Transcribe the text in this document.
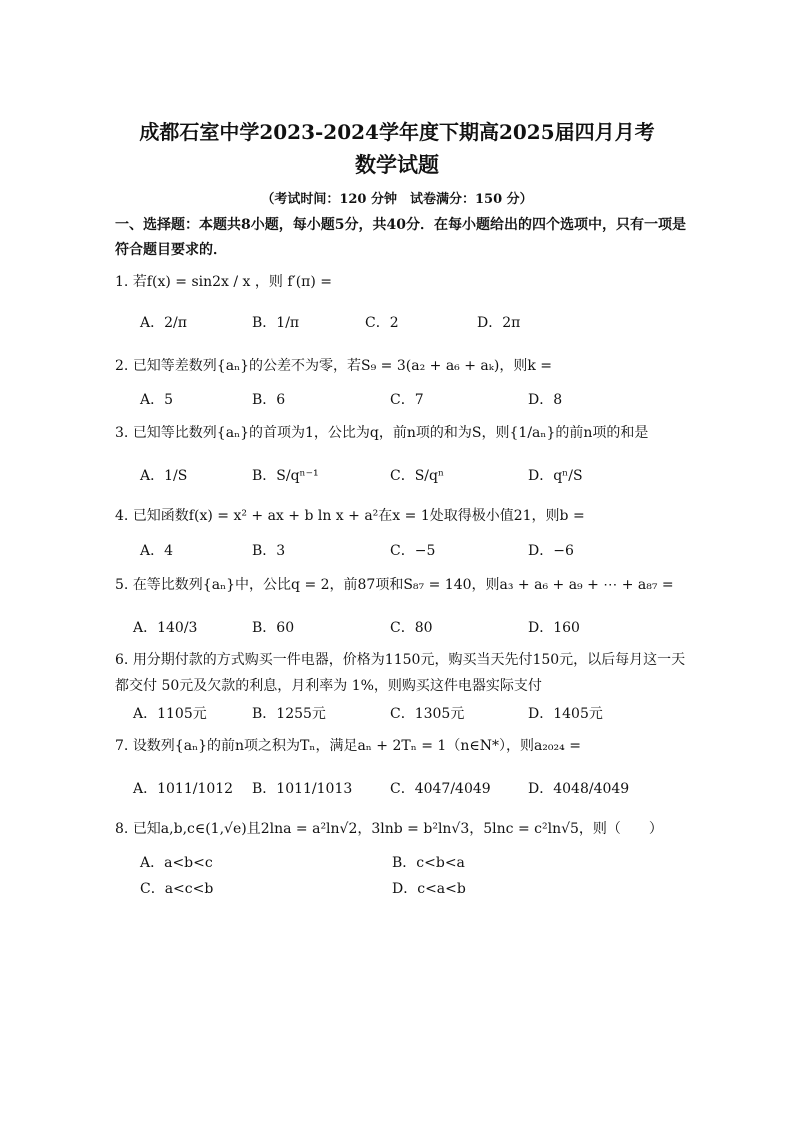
成都石室中学2023-2024学年度下期高2025届四月月考
数学试题
（考试时间：120 分钟　试卷满分：150 分）
一、选择题：本题共8小题，每小题5分，共40分．在每小题给出的四个选项中，只有一项是符合题目要求的．
1. 若f(x) = sin2x / x ，则 f′(π) =
A．2/π	B．1/π	C．2	D．2π
2. 已知等差数列{aₙ}的公差不为零，若S₉ = 3(a₂ + a₆ + aₖ)，则k =
A．5	B．6	C．7	D．8
3. 已知等比数列{aₙ}的首项为1，公比为q，前n项的和为S，则{1/aₙ}的前n项的和是
A．1/S	B．S/qⁿ⁻¹	C．S/qⁿ	D．qⁿ/S
4. 已知函数f(x) = x² + ax + b ln x + a²在x = 1处取得极小值21，则b =
A．4	B．3	C．−5	D．−6
5. 在等比数列{aₙ}中，公比q = 2，前87项和S₈₇ = 140，则a₃ + a₆ + a₉ + ⋯ + a₈₇ =
A．140/3	B．60	C．80	D．160
6. 用分期付款的方式购买一件电器，价格为1150元，购买当天先付150元，以后每月这一天
都交付 50元及欠款的利息，月利率为 1%，则购买这件电器实际支付
A．1105元	B．1255元	C．1305元	D．1405元
7. 设数列{aₙ}的前n项之积为Tₙ，满足aₙ + 2Tₙ = 1（n∈N*），则a₂₀₂₄ =
A．1011/1012 B．1011/1013	C．4047/4049	D．4048/4049
8. 已知a,b,c∈(1,√e)且2lna = a²ln√2，3lnb = b²ln√3，5lnc = c²ln√5，则（　　）
A．a<b<c	B．c<b<a
C．a<c<b	D．c<a<b
